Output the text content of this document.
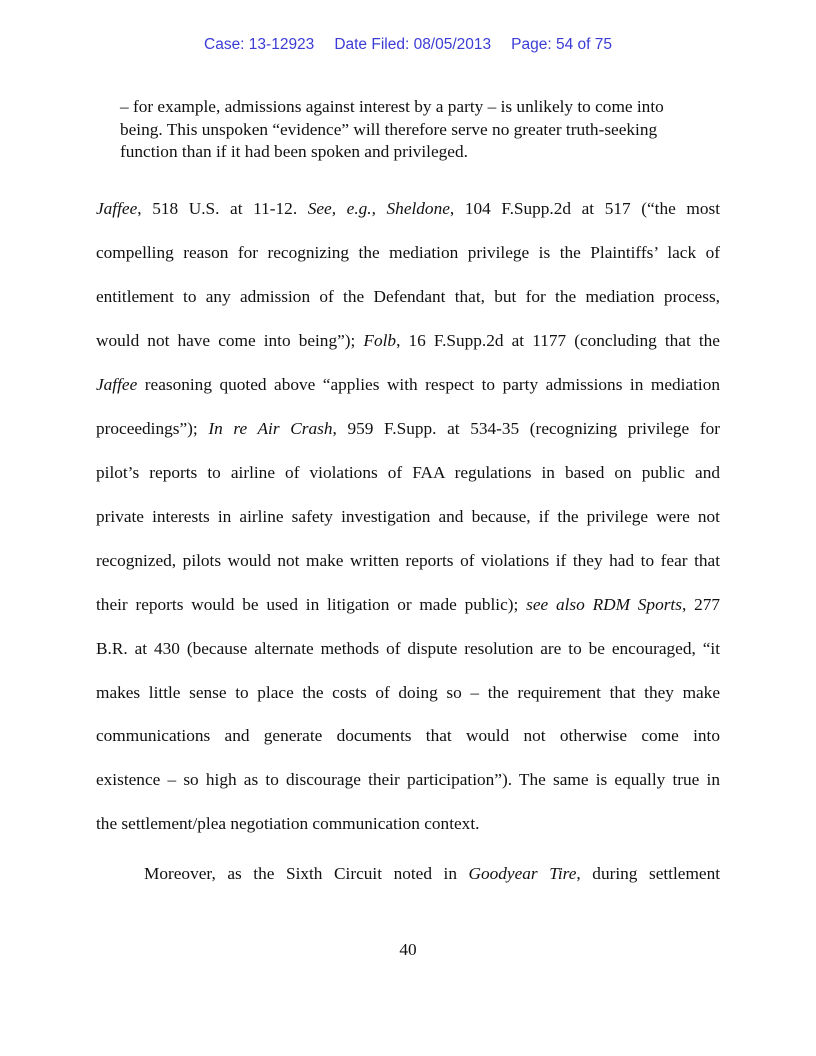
Case: 13-12923 Date Filed: 08/05/2013 Page: 54 of 75

– for example, admissions against interest by a party – is unlikely to come into

being. This unspoken “evidence” will therefore serve no greater truth-seeking

function than if it had been spoken and privileged.

Jaffee, 518 U.S. at 11-12. See, e.g., Sheldone, 104 F.Supp.2d at 517 (“the most
compelling reason for recognizing the mediation privilege is the Plaintiffs’ lack of
entitlement to any admission of the Defendant that, but for the mediation process,
would not have come into being”); Folb, 16 F.Supp.2d at 1177 (concluding that the
Jaffee reasoning quoted above “applies with respect to party admissions in mediation
proceedings”); In re Air Crash, 959 F.Supp. at 534-35 (recognizing privilege for
pilot’s reports to airline of violations of FAA regulations in based on public and
private interests in airline safety investigation and because, if the privilege were not
recognized, pilots would not make written reports of violations if they had to fear that
their reports would be used in litigation or made public); see also RDM Sports, 277
B.R. at 430 (because alternate methods of dispute resolution are to be encouraged, “it
makes little sense to place the costs of doing so – the requirement that they make
communications and generate documents that would not otherwise come into
existence – so high as to discourage their participation”). The same is equally true in
the settlement/plea negotiation communication context.
Moreover, as the Sixth Circuit noted in Goodyear Tire, during settlement
40
